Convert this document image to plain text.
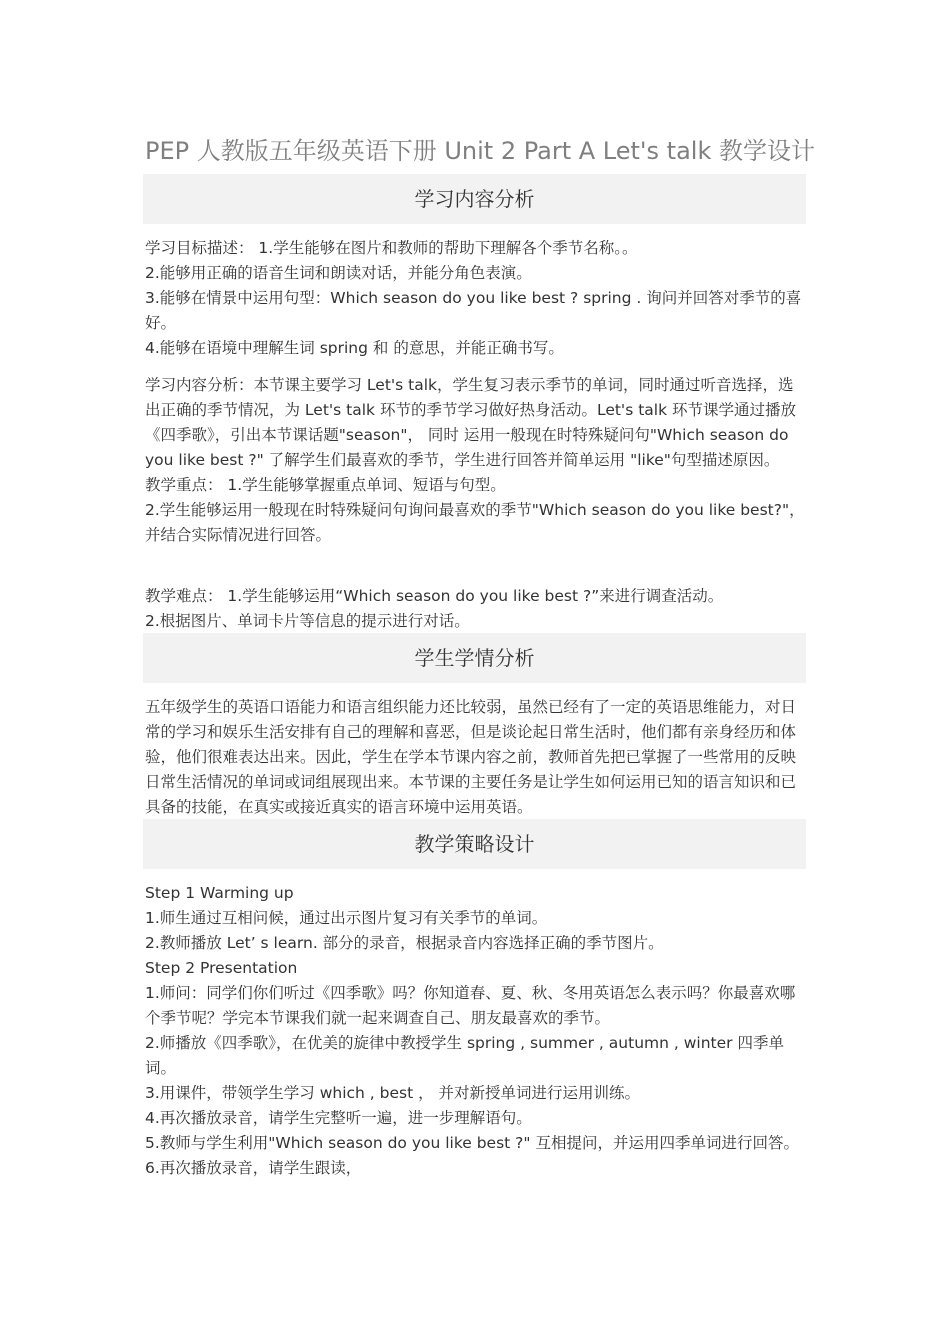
PEP 人教版五年级英语下册 Unit 2 Part A Let's talk 教学设计
学习内容分析

学习目标描述： 1.学生能够在图片和教师的帮助下理解各个季节名称。。

2.能够用正确的语音生词和朗读对话，并能分角色表演。

3.能够在情景中运用句型：Which season do you like best ? spring . 询问并回答对季节的喜好。

4.能够在语境中理解生词 spring 和 的意思，并能正确书写。

学习内容分析：本节课主要学习 Let's talk，学生复习表示季节的单词，同时通过听音选择，选出正确的季节情况，为 Let's talk 环节的季节学习做好热身活动。Let's talk 环节课学通过播放《四季歌》，引出本节课话题"season"， 同时 运用一般现在时特殊疑问句"Which season do you like best ?" 了解学生们最喜欢的季节，学生进行回答并简单运用 "like"句型描述原因。

教学重点： 1.学生能够掌握重点单词、短语与句型。

2.学生能够运用一般现在时特殊疑问句询问最喜欢的季节"Which season do you like best?"，并结合实际情况进行回答。

教学难点： 1.学生能够运用“Which season do you like best ?”来进行调查活动。

2.根据图片、单词卡片等信息的提示进行对话。

学生学情分析

五年级学生的英语口语能力和语言组织能力还比较弱，虽然已经有了一定的英语思维能力，对日常的学习和娱乐生活安排有自己的理解和喜恶，但是谈论起日常生活时，他们都有亲身经历和体验，他们很难表达出来。因此，学生在学本节课内容之前，教师首先把已掌握了一些常用的反映日常生活情况的单词或词组展现出来。本节课的主要任务是让学生如何运用已知的语言知识和已具备的技能，在真实或接近真实的语言环境中运用英语。

教学策略设计

Step 1 Warming up

1.师生通过互相问候，通过出示图片复习有关季节的单词。

2.教师播放 Let’ s learn. 部分的录音，根据录音内容选择正确的季节图片。

Step 2 Presentation

1.师问：同学们你们听过《四季歌》吗？你知道春、夏、秋、冬用英语怎么表示吗？你最喜欢哪个季节呢？学完本节课我们就一起来调查自己、朋友最喜欢的季节。

2.师播放《四季歌》，在优美的旋律中教授学生 spring , summer , autumn , winter 四季单词。

3.用课件，带领学生学习 which , best ， 并对新授单词进行运用训练。

4.再次播放录音，请学生完整听一遍，进一步理解语句。

5.教师与学生利用"Which season do you like best ?" 互相提问，并运用四季单词进行回答。

6.再次播放录音，请学生跟读，
